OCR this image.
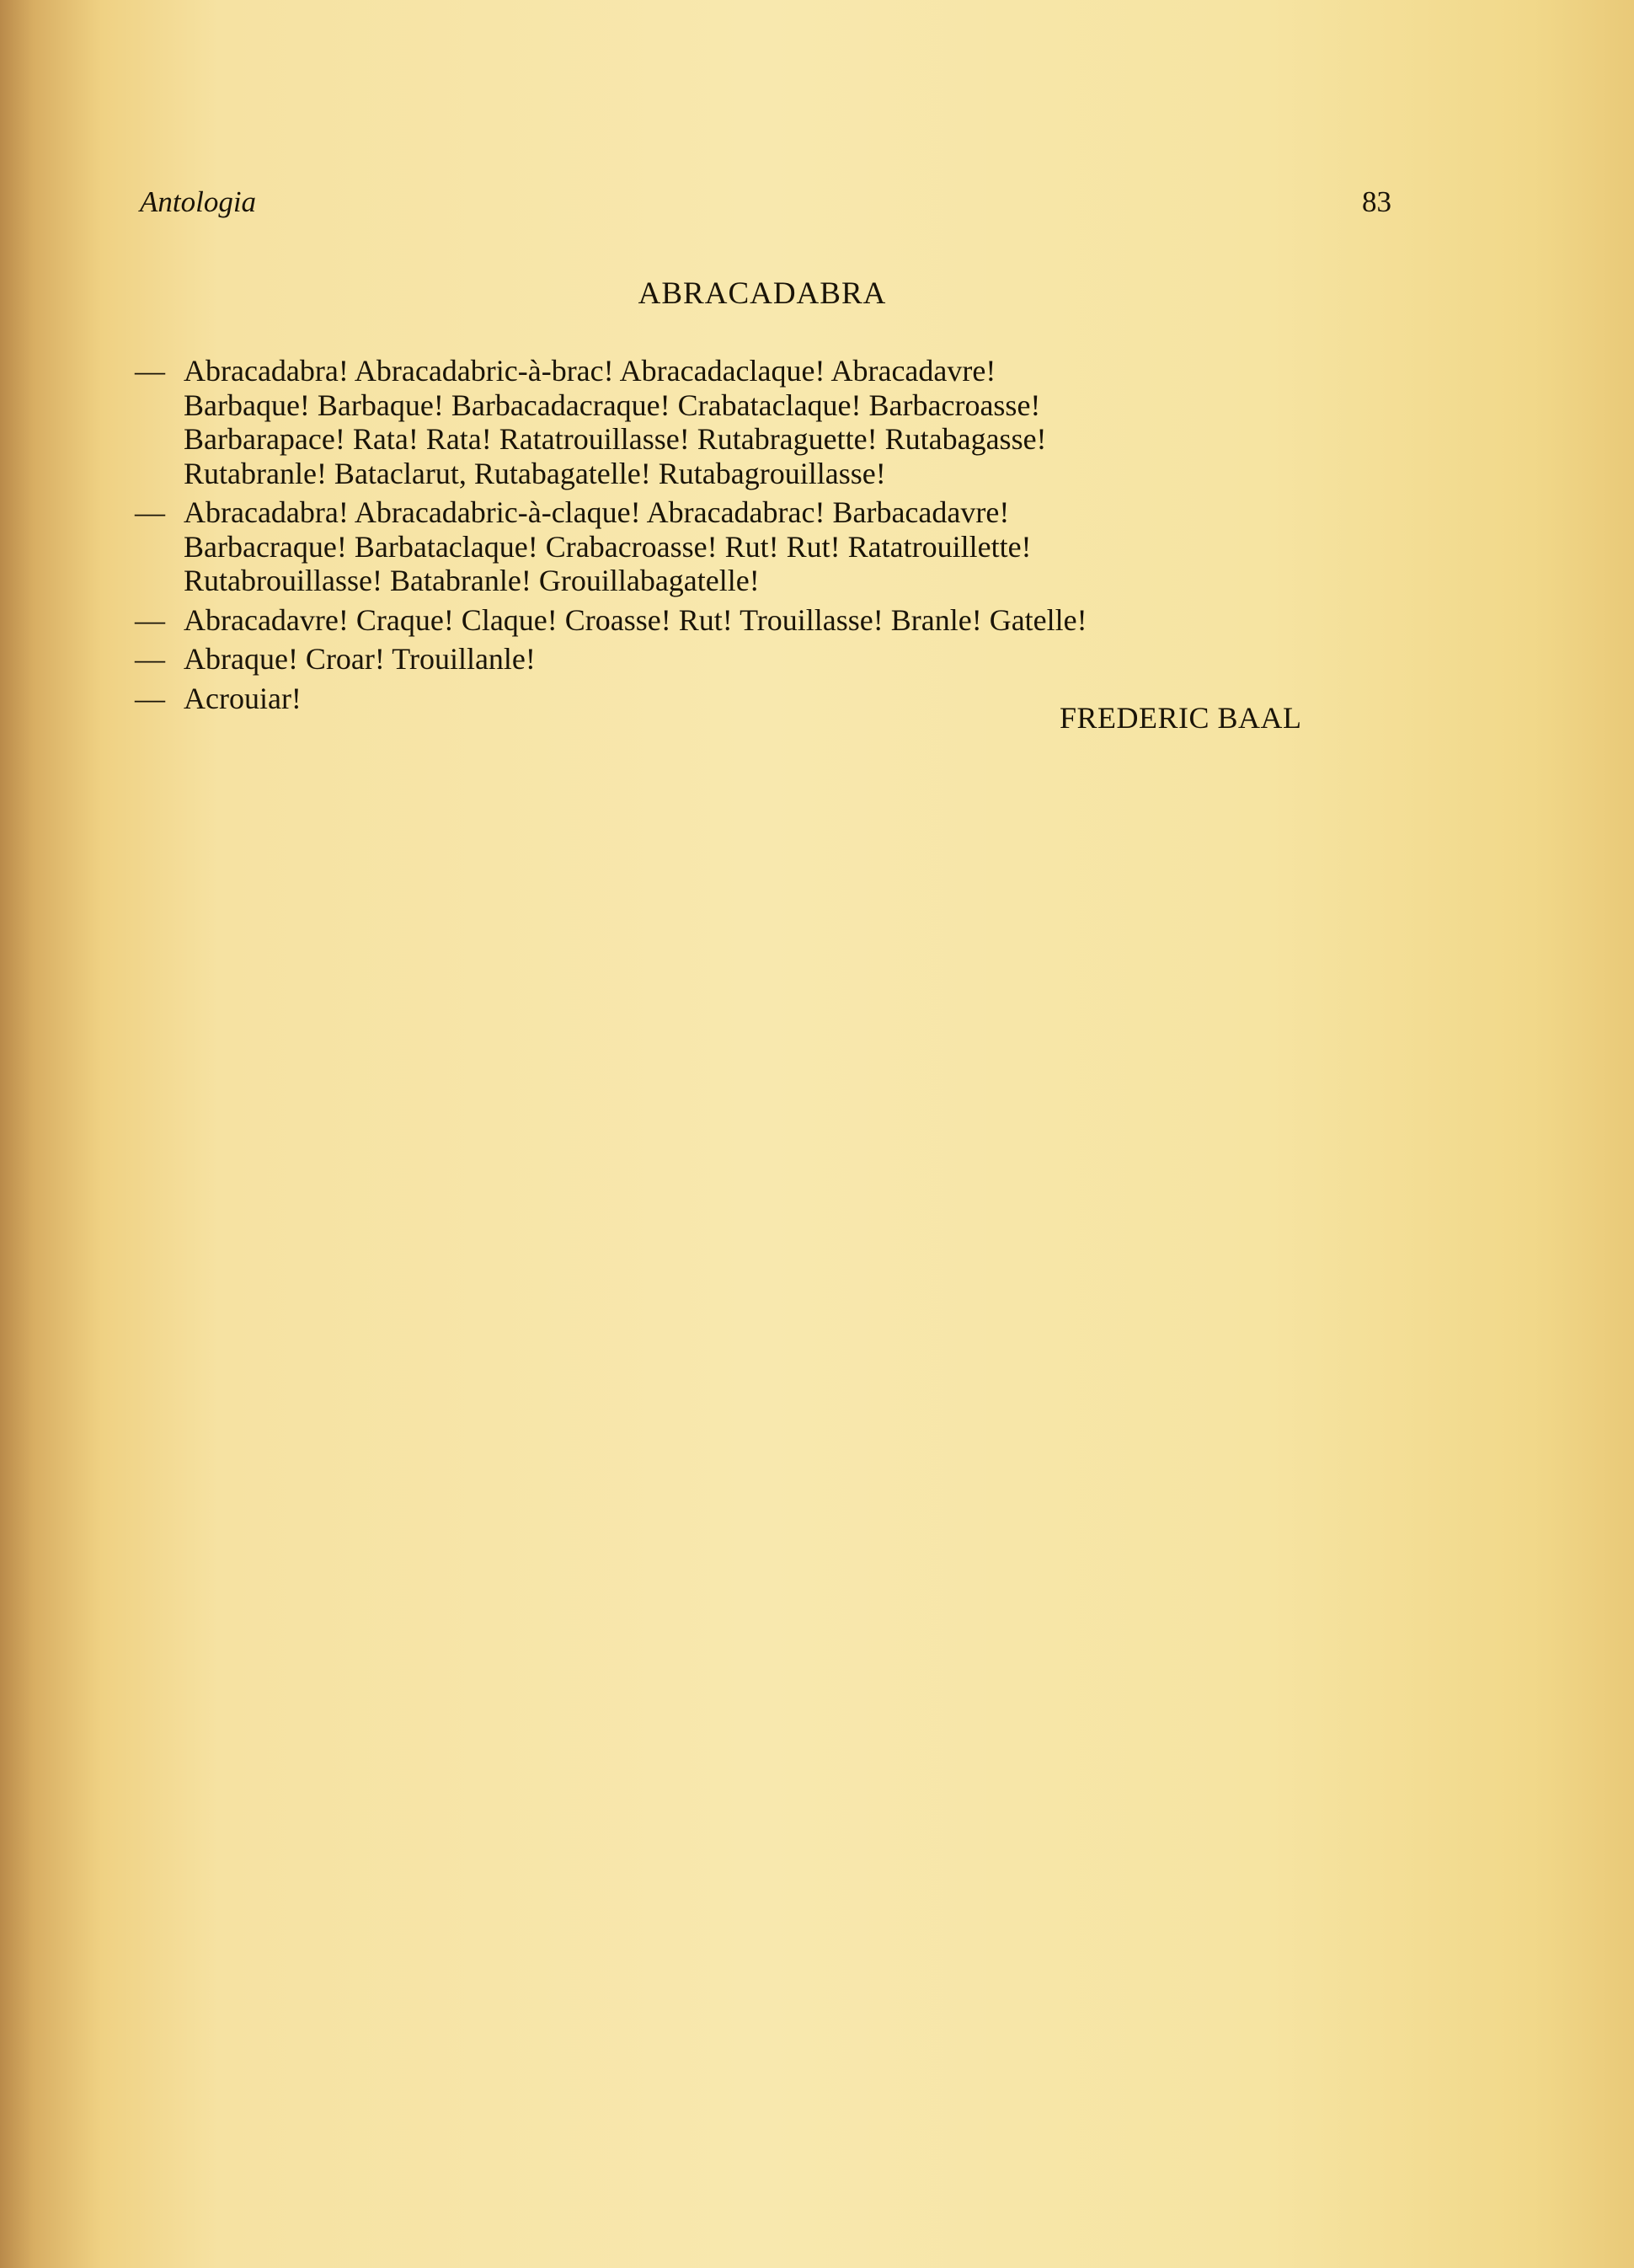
Antologia	83
ABRACADABRA
— Abracadabra! Abracadabric-à-brac! Abracadaclaque! Abracadavre!
Barbaque! Barbaque! Barbacadacraque! Crabataclaque! Barbacroasse!
Barbarapace! Rata! Rata! Ratatrouillasse! Rutabraguette! Rutabagasse!
Rutabranle! Bataclarut, Rutabagatelle! Rutabagrouillasse!
— Abracadabra! Abracadabric-à-claque! Abracadabrac! Barbacadavre!
Barbacraque! Barbataclaque! Crabacroasse! Rut! Rut! Ratatrouillette!
Rutabrouillasse! Batabranle! Grouillabagatelle!
— Abracadavre! Craque! Claque! Croasse! Rut! Trouillasse! Branle! Gatelle!
— Abraque! Croar! Trouillanle!
— Acrouiar!
FREDERIC BAAL
